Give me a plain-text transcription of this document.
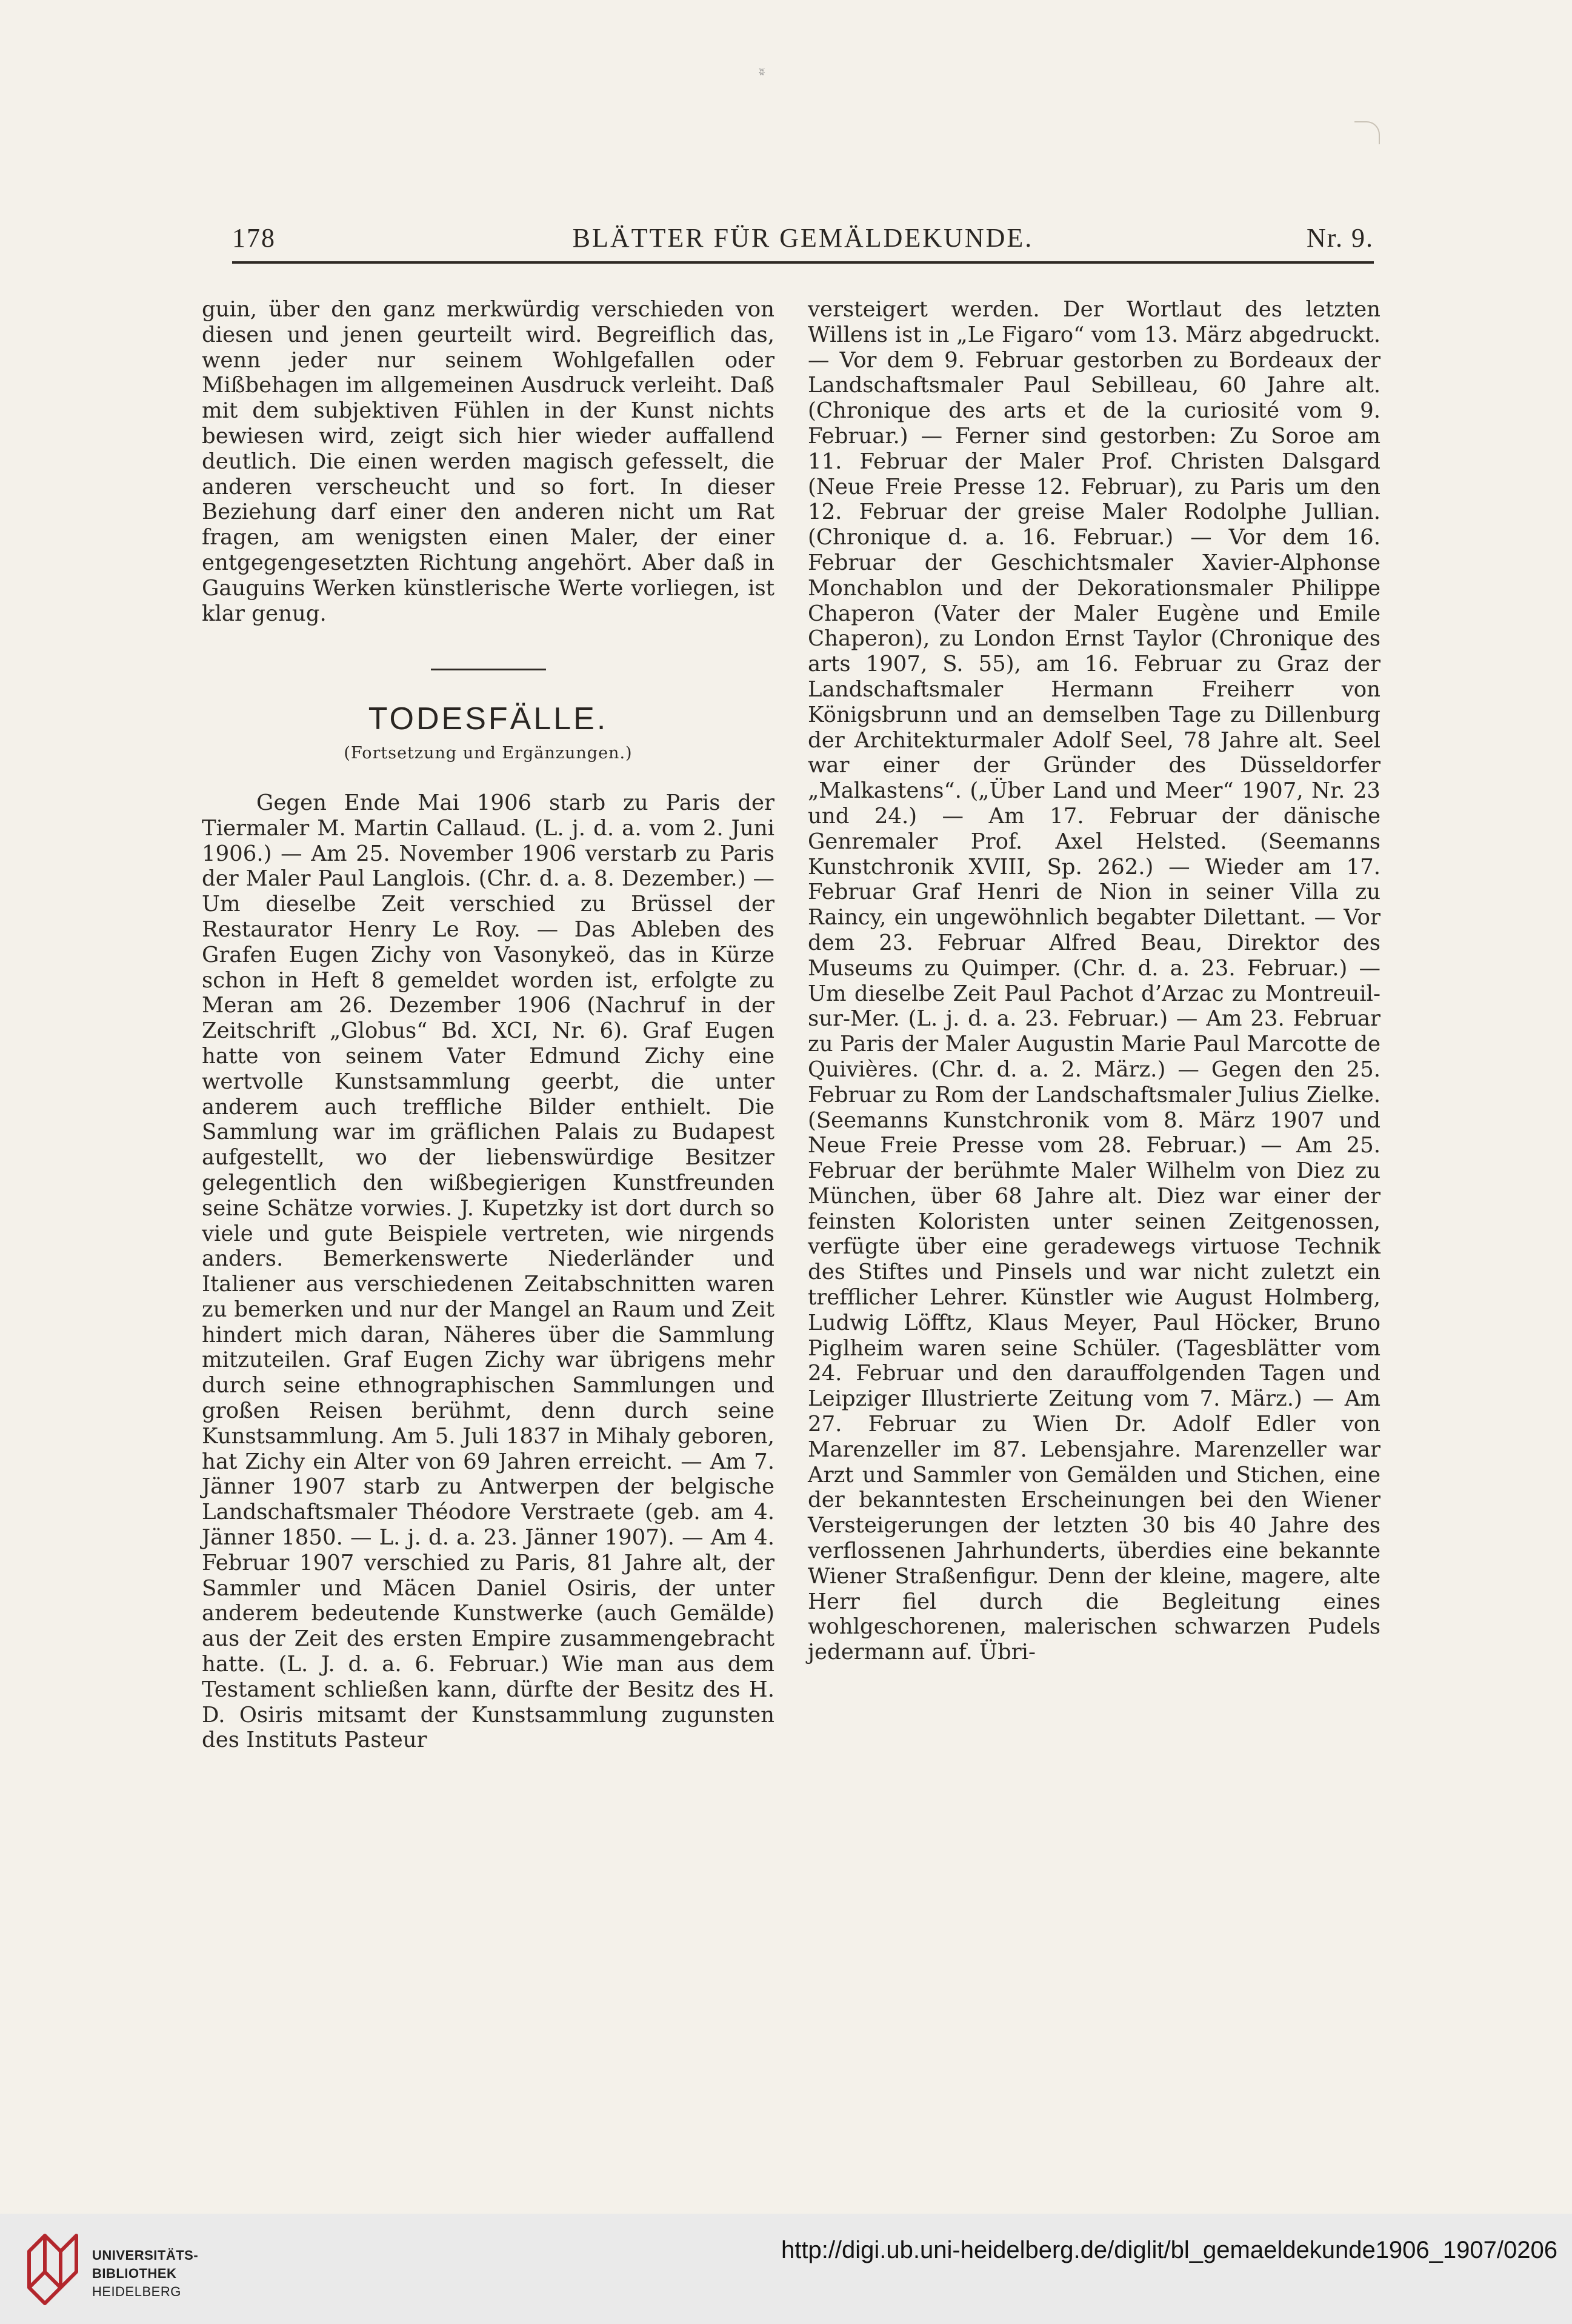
ʬ
178	BLÄTTER FÜR GEMÄLDEKUNDE.	Nr. 9.

guin, über den ganz merkwürdig verschieden von diesen und jenen geurteilt wird. Begreiflich das, wenn jeder nur seinem Wohlgefallen oder Mißbehagen im allgemeinen Ausdruck verleiht. Daß mit dem subjektiven Fühlen in der Kunst nichts bewiesen wird, zeigt sich hier wieder auffallend deutlich. Die einen werden magisch gefesselt, die anderen verscheucht und so fort. In dieser Beziehung darf einer den anderen nicht um Rat fragen, am wenigsten einen Maler, der einer entgegengesetzten Richtung angehört. Aber daß in Gauguins Werken künstlerische Werte vorliegen, ist klar genug.

TODESFÄLLE.
(Fortsetzung und Ergänzungen.)

Gegen Ende Mai 1906 starb zu Paris der Tiermaler M. Martin Callaud. (L. j. d. a. vom 2. Juni 1906.) — Am 25. November 1906 verstarb zu Paris der Maler Paul Langlois. (Chr. d. a. 8. Dezember.) — Um dieselbe Zeit verschied zu Brüssel der Restaurator Henry Le Roy. — Das Ableben des Grafen Eugen Zichy von Vasonykeö, das in Kürze schon in Heft 8 gemeldet worden ist, erfolgte zu Meran am 26. Dezember 1906 (Nachruf in der Zeitschrift „Globus“ Bd. XCI, Nr. 6). Graf Eugen hatte von seinem Vater Edmund Zichy eine wertvolle Kunstsammlung geerbt, die unter anderem auch treffliche Bilder enthielt. Die Sammlung war im gräflichen Palais zu Budapest aufgestellt, wo der liebenswürdige Besitzer gelegentlich den wißbegierigen Kunstfreunden seine Schätze vorwies. J. Kupetzky ist dort durch so viele und gute Beispiele vertreten, wie nirgends anders. Bemerkenswerte Niederländer und Italiener aus verschiedenen Zeitabschnitten waren zu bemerken und nur der Mangel an Raum und Zeit hindert mich daran, Näheres über die Sammlung mitzuteilen. Graf Eugen Zichy war übrigens mehr durch seine ethnographischen Sammlungen und großen Reisen berühmt, denn durch seine Kunstsammlung. Am 5. Juli 1837 in Mihaly geboren, hat Zichy ein Alter von 69 Jahren erreicht. — Am 7. Jänner 1907 starb zu Antwerpen der belgische Landschaftsmaler Théodore Verstraete (geb. am 4. Jänner 1850. — L. j. d. a. 23. Jänner 1907). — Am 4. Februar 1907 verschied zu Paris, 81 Jahre alt, der Sammler und Mäcen Daniel Osiris, der unter anderem bedeutende Kunstwerke (auch Gemälde) aus der Zeit des ersten Empire zusammengebracht hatte. (L. J. d. a. 6. Februar.) Wie man aus dem Testament schließen kann, dürfte der Besitz des H. D. Osiris mitsamt der Kunstsammlung zugunsten des Instituts Pasteur

versteigert werden. Der Wortlaut des letzten Willens ist in „Le Figaro“ vom 13. März abgedruckt. — Vor dem 9. Februar gestorben zu Bordeaux der Landschaftsmaler Paul Sebilleau, 60 Jahre alt. (Chronique des arts et de la curiosité vom 9. Februar.) — Ferner sind gestorben: Zu Soroe am 11. Februar der Maler Prof. Christen Dalsgard (Neue Freie Presse 12. Februar), zu Paris um den 12. Februar der greise Maler Rodolphe Jullian. (Chronique d. a. 16. Februar.) — Vor dem 16. Februar der Geschichtsmaler Xavier-Alphonse Monchablon und der Dekorationsmaler Philippe Chaperon (Vater der Maler Eugène und Emile Chaperon), zu London Ernst Taylor (Chronique des arts 1907, S. 55), am 16. Februar zu Graz der Landschaftsmaler Hermann Freiherr von Königsbrunn und an demselben Tage zu Dillenburg der Architekturmaler Adolf Seel, 78 Jahre alt. Seel war einer der Gründer des Düsseldorfer „Malkastens“. („Über Land und Meer“ 1907, Nr. 23 und 24.) — Am 17. Februar der dänische Genremaler Prof. Axel Helsted. (Seemanns Kunstchronik XVIII, Sp. 262.) — Wieder am 17. Februar Graf Henri de Nion in seiner Villa zu Raincy, ein ungewöhnlich begabter Dilettant. — Vor dem 23. Februar Alfred Beau, Direktor des Museums zu Quimper. (Chr. d. a. 23. Februar.) — Um dieselbe Zeit Paul Pachot d’Arzac zu Montreuil-sur-Mer. (L. j. d. a. 23. Februar.) — Am 23. Februar zu Paris der Maler Augustin Marie Paul Marcotte de Quivières. (Chr. d. a. 2. März.) — Gegen den 25. Februar zu Rom der Landschaftsmaler Julius Zielke. (Seemanns Kunstchronik vom 8. März 1907 und Neue Freie Presse vom 28. Februar.) — Am 25. Februar der berühmte Maler Wilhelm von Diez zu München, über 68 Jahre alt. Diez war einer der feinsten Koloristen unter seinen Zeitgenossen, verfügte über eine geradewegs virtuose Technik des Stiftes und Pinsels und war nicht zuletzt ein trefflicher Lehrer. Künstler wie August Holmberg, Ludwig Löfftz, Klaus Meyer, Paul Höcker, Bruno Piglheim waren seine Schüler. (Tagesblätter vom 24. Februar und den darauffolgenden Tagen und Leipziger Illustrierte Zeitung vom 7. März.) — Am 27. Februar zu Wien Dr. Adolf Edler von Marenzeller im 87. Lebensjahre. Marenzeller war Arzt und Sammler von Gemälden und Stichen, eine der bekanntesten Erscheinungen bei den Wiener Versteigerungen der letzten 30 bis 40 Jahre des verflossenen Jahrhunderts, überdies eine bekannte Wiener Straßenfigur. Denn der kleine, magere, alte Herr fiel durch die Begleitung eines wohlgeschorenen, malerischen schwarzen Pudels jedermann auf. Übri-

UNIVERSITÄTS-
BIBLIOTHEK
HEIDELBERG
http://digi.ub.uni-heidelberg.de/diglit/bl_gemaeldekunde1906_1907/0206
